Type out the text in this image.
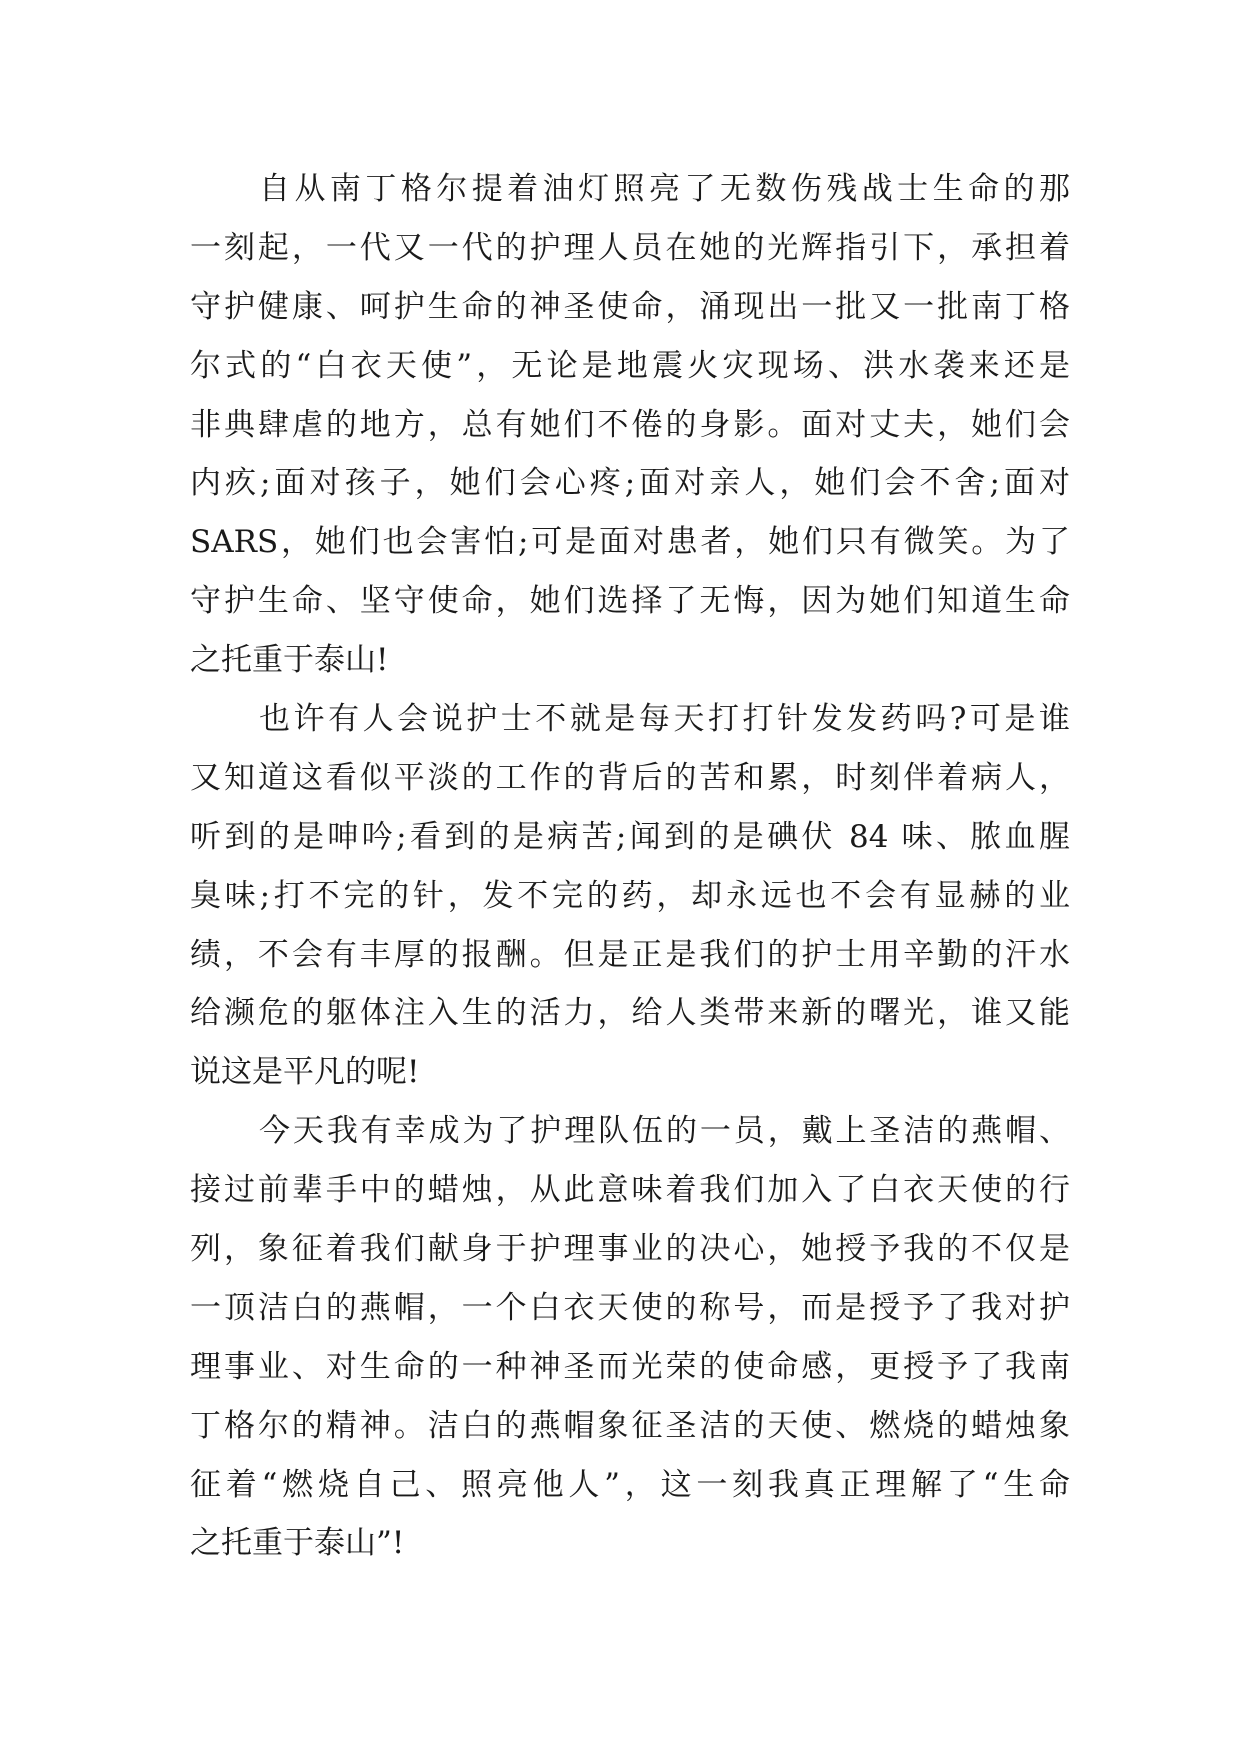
自从南丁格尔提着油灯照亮了无数伤残战士生命的那
一刻起，一代又一代的护理人员在她的光辉指引下，承担着
守护健康、呵护生命的神圣使命，涌现出一批又一批南丁格
尔式的“白衣天使”，无论是地震火灾现场、洪水袭来还是
非典肆虐的地方，总有她们不倦的身影。面对丈夫，她们会
内疚;面对孩子，她们会心疼;面对亲人，她们会不舍;面对
SARS，她们也会害怕;可是面对患者，她们只有微笑。为了
守护生命、坚守使命，她们选择了无悔，因为她们知道生命
之托重于泰山!
也许有人会说护士不就是每天打打针发发药吗?可是谁
又知道这看似平淡的工作的背后的苦和累，时刻伴着病人，
听到的是呻吟;看到的是病苦;闻到的是碘伏 84 味、脓血腥
臭味;打不完的针，发不完的药，却永远也不会有显赫的业
绩，不会有丰厚的报酬。但是正是我们的护士用辛勤的汗水
给濒危的躯体注入生的活力，给人类带来新的曙光，谁又能
说这是平凡的呢!
今天我有幸成为了护理队伍的一员，戴上圣洁的燕帽、
接过前辈手中的蜡烛，从此意味着我们加入了白衣天使的行
列，象征着我们献身于护理事业的决心，她授予我的不仅是
一顶洁白的燕帽，一个白衣天使的称号，而是授予了我对护
理事业、对生命的一种神圣而光荣的使命感，更授予了我南
丁格尔的精神。洁白的燕帽象征圣洁的天使、燃烧的蜡烛象
征着“燃烧自己、照亮他人”，这一刻我真正理解了“生命
之托重于泰山”!
